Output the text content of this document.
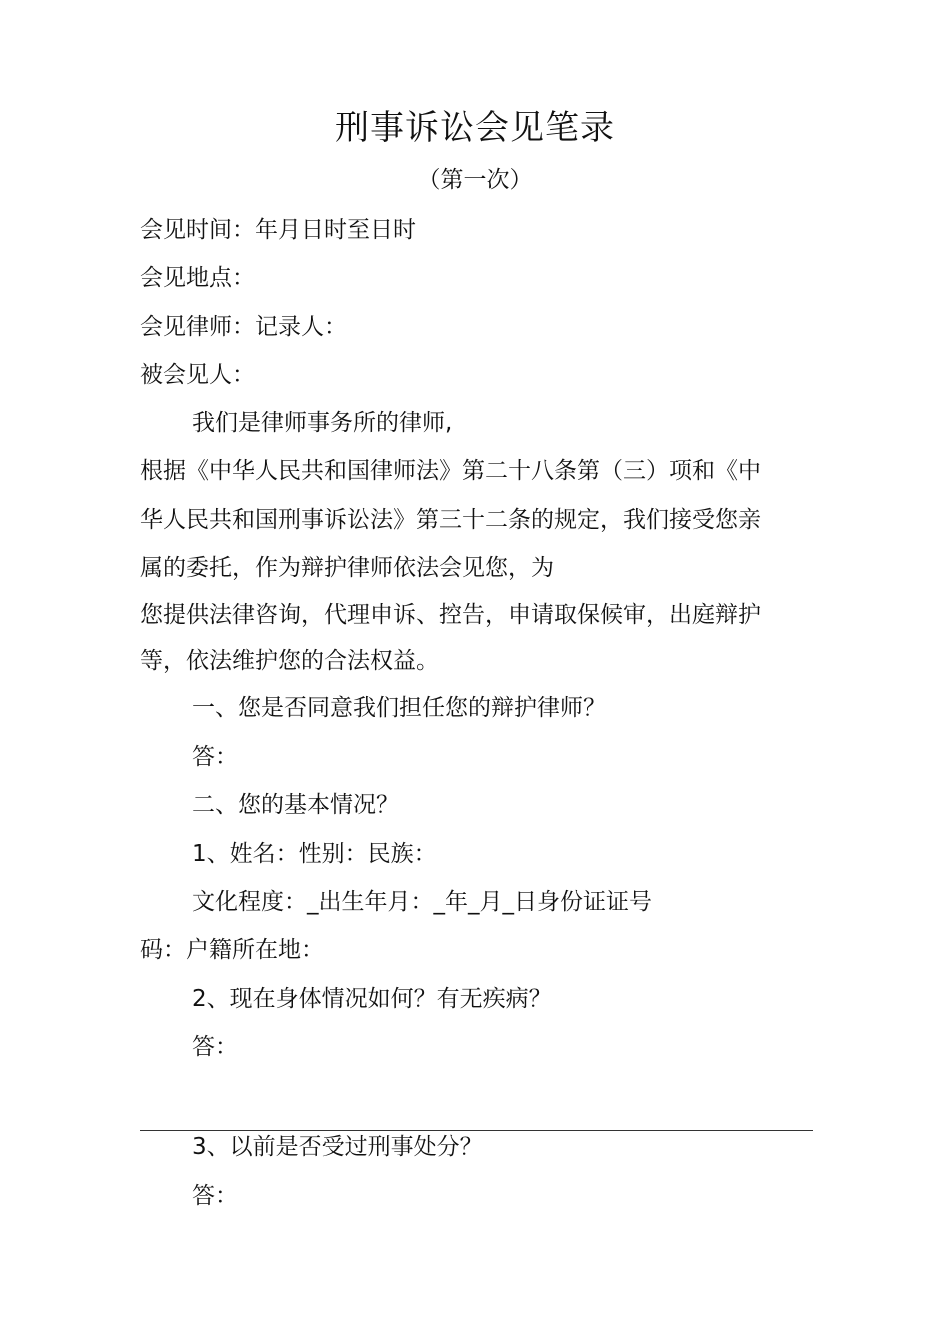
刑事诉讼会见笔录
（第一次）
会见时间：年月日时至日时
会见地点：
会见律师：记录人：
被会见人：
我们是律师事务所的律师,
根据《中华人民共和国律师法》第二十八条第（三）项和《中
华人民共和国刑事诉讼法》第三十二条的规定，我们接受您亲
属的委托，作为辩护律师依法会见您，为
您提供法律咨询，代理申诉、控告，申请取保候审，出庭辩护
等，依法维护您的合法权益。
一、您是否同意我们担任您的辩护律师？
答：
二、您的基本情况？
1、姓名：性别：民族：
文化程度：_出生年月：_年_月_日身份证证号
码：户籍所在地：
2、现在身体情况如何？有无疾病？
答：
3、以前是否受过刑事处分？
答：
